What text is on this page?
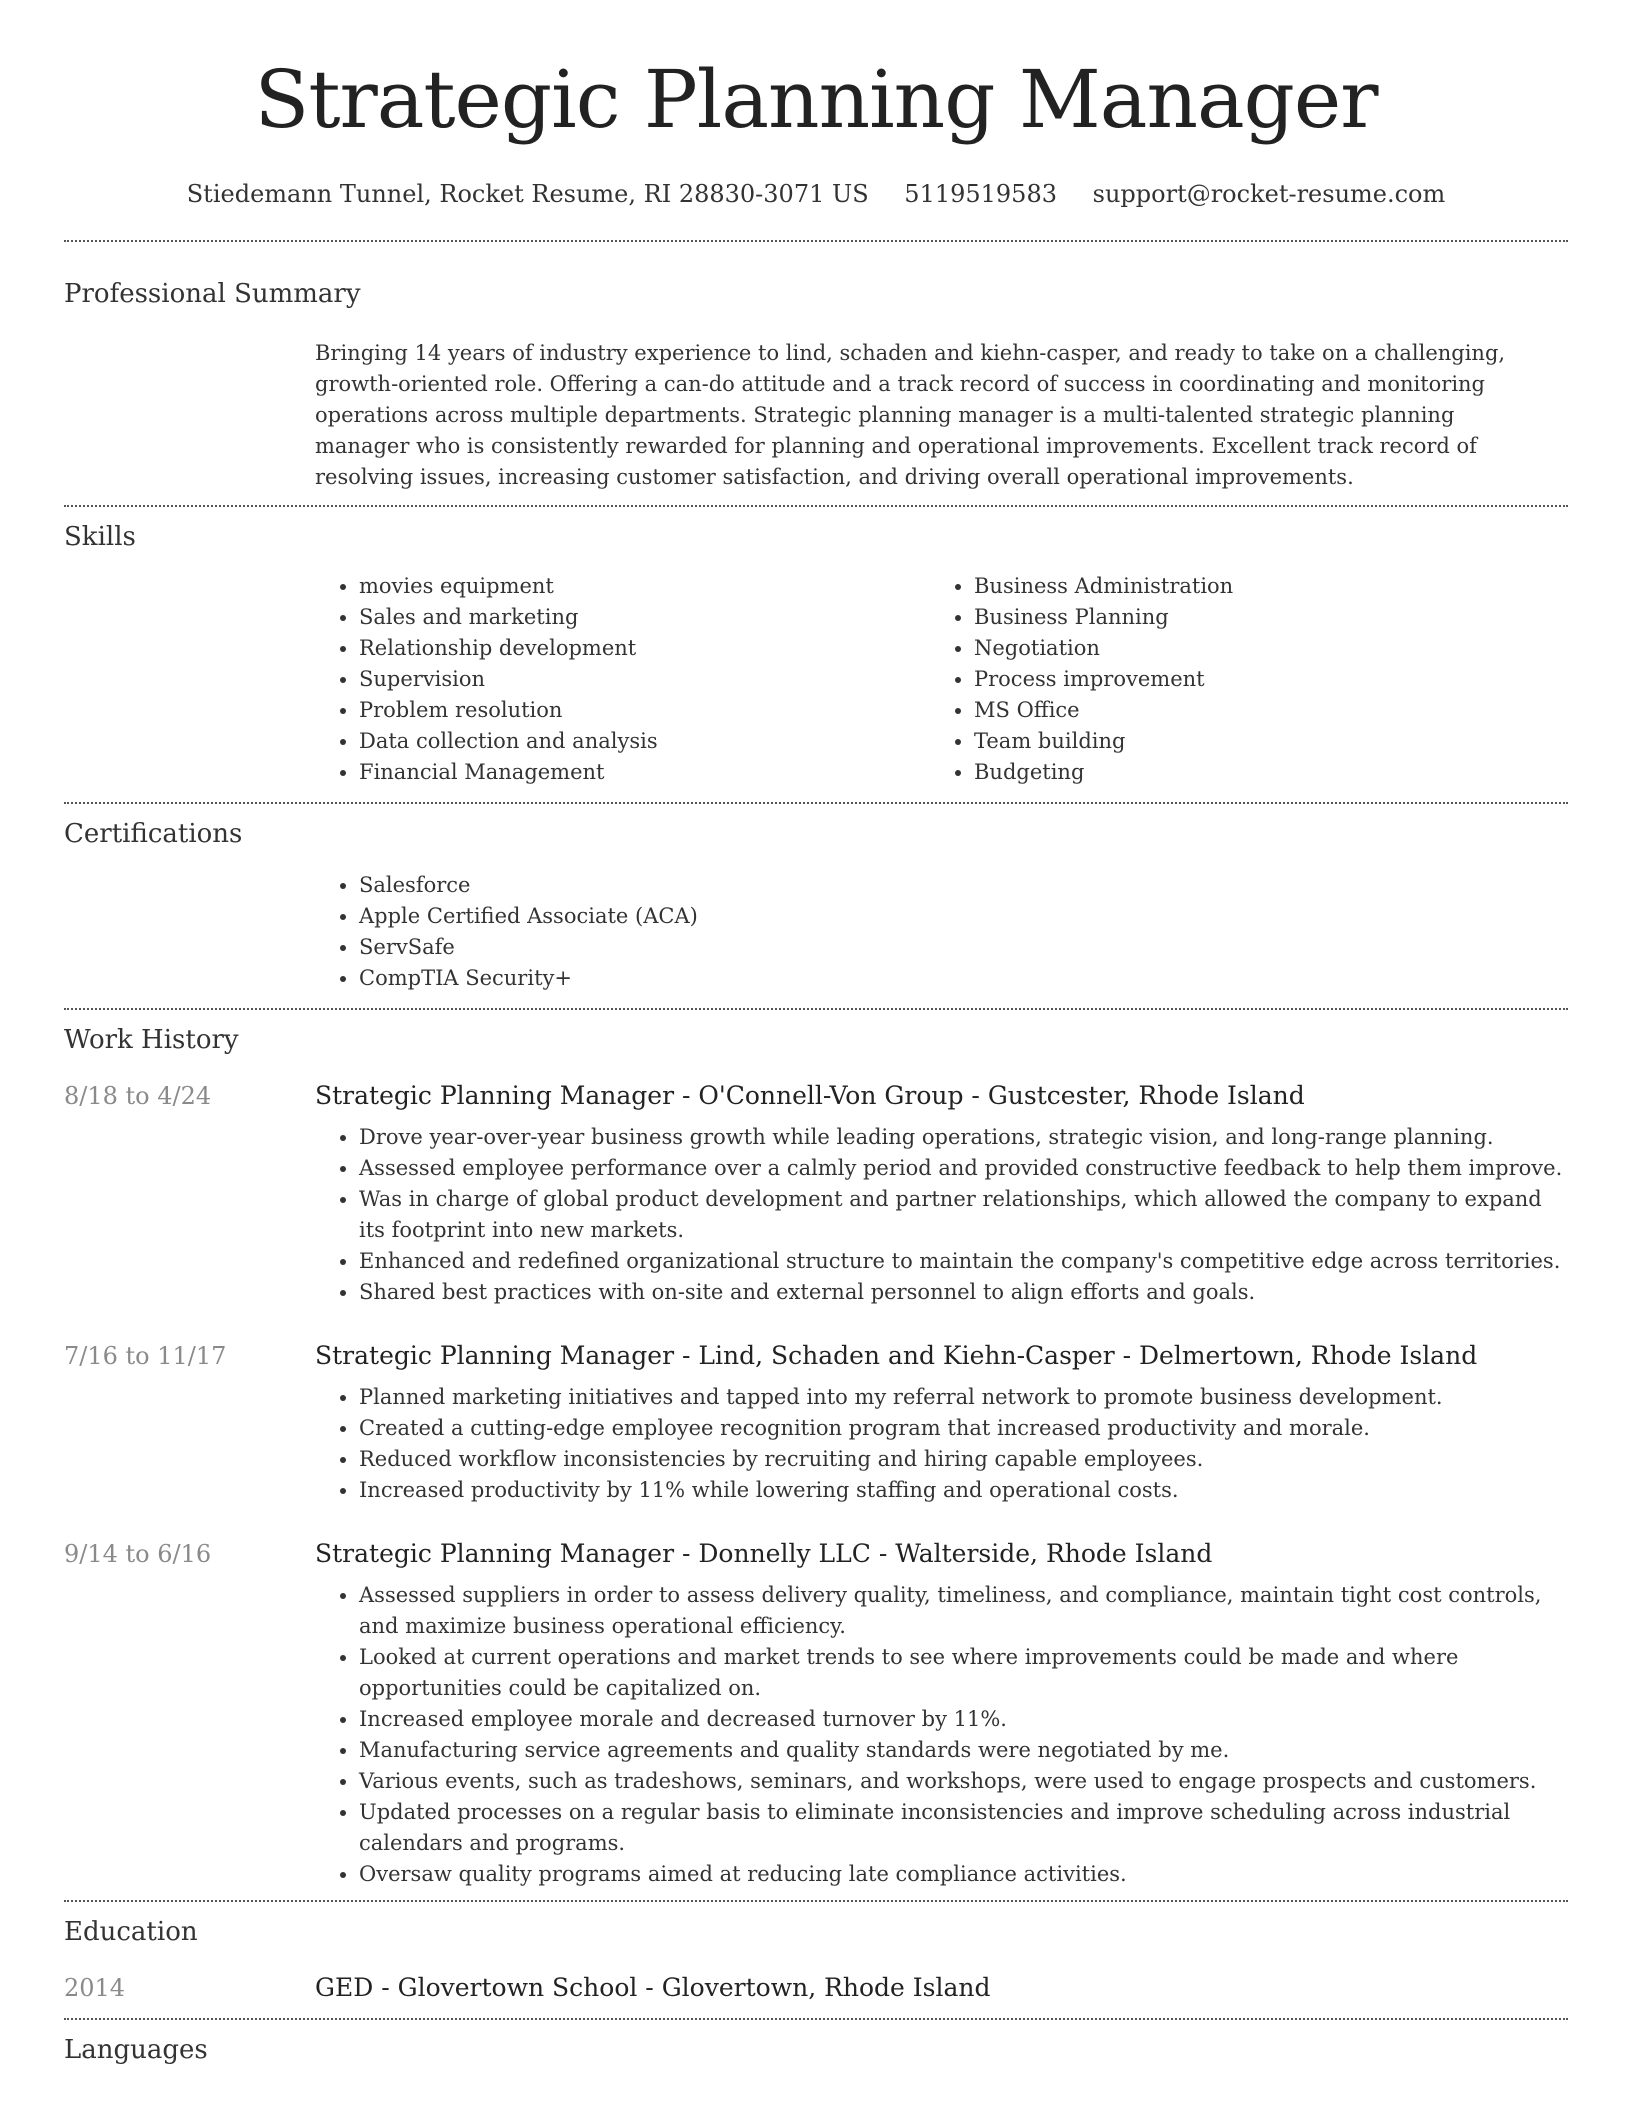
Strategic Planning Manager
Stiedemann Tunnel, Rocket Resume, RI 28830-3071 US 5119519583 support@rocket-resume.com
Professional Summary

Bringing 14 years of industry experience to lind, schaden and kiehn-casper, and ready to take on a challenging, growth-oriented role. Offering a can-do attitude and a track record of success in coordinating and monitoring operations across multiple departments. Strategic planning manager is a multi-talented strategic planning manager who is consistently rewarded for planning and operational improvements. Excellent track record of resolving issues, increasing customer satisfaction, and driving overall operational improvements.

Skills
• movies equipment
• Sales and marketing
• Relationship development
• Supervision
• Problem resolution
• Data collection and analysis
• Financial Management
• Business Administration
• Business Planning
• Negotiation
• Process improvement
• MS Office
• Team building
• Budgeting
Certifications
• Salesforce
• Apple Certified Associate (ACA)
• ServSafe
• CompTIA Security+
Work History
8/18 to 4/24	Strategic Planning Manager - O'Connell-Von Group - Gustcester, Rhode Island
• Drove year-over-year business growth while leading operations, strategic vision, and long-range planning.
• Assessed employee performance over a calmly period and provided constructive feedback to help them improve.
• Was in charge of global product development and partner relationships, which allowed the company to expand its footprint into new markets.
• Enhanced and redefined organizational structure to maintain the company's competitive edge across territories.
• Shared best practices with on-site and external personnel to align efforts and goals.
7/16 to 11/17	Strategic Planning Manager - Lind, Schaden and Kiehn-Casper - Delmertown, Rhode Island
• Planned marketing initiatives and tapped into my referral network to promote business development.
• Created a cutting-edge employee recognition program that increased productivity and morale.
• Reduced workflow inconsistencies by recruiting and hiring capable employees.
• Increased productivity by 11% while lowering staffing and operational costs.
9/14 to 6/16	Strategic Planning Manager - Donnelly LLC - Walterside, Rhode Island
• Assessed suppliers in order to assess delivery quality, timeliness, and compliance, maintain tight cost controls, and maximize business operational efficiency.
• Looked at current operations and market trends to see where improvements could be made and where opportunities could be capitalized on.
• Increased employee morale and decreased turnover by 11%.
• Manufacturing service agreements and quality standards were negotiated by me.
• Various events, such as tradeshows, seminars, and workshops, were used to engage prospects and customers.
• Updated processes on a regular basis to eliminate inconsistencies and improve scheduling across industrial calendars and programs.
• Oversaw quality programs aimed at reducing late compliance activities.
Education
2014	GED - Glovertown School - Glovertown, Rhode Island
Languages
